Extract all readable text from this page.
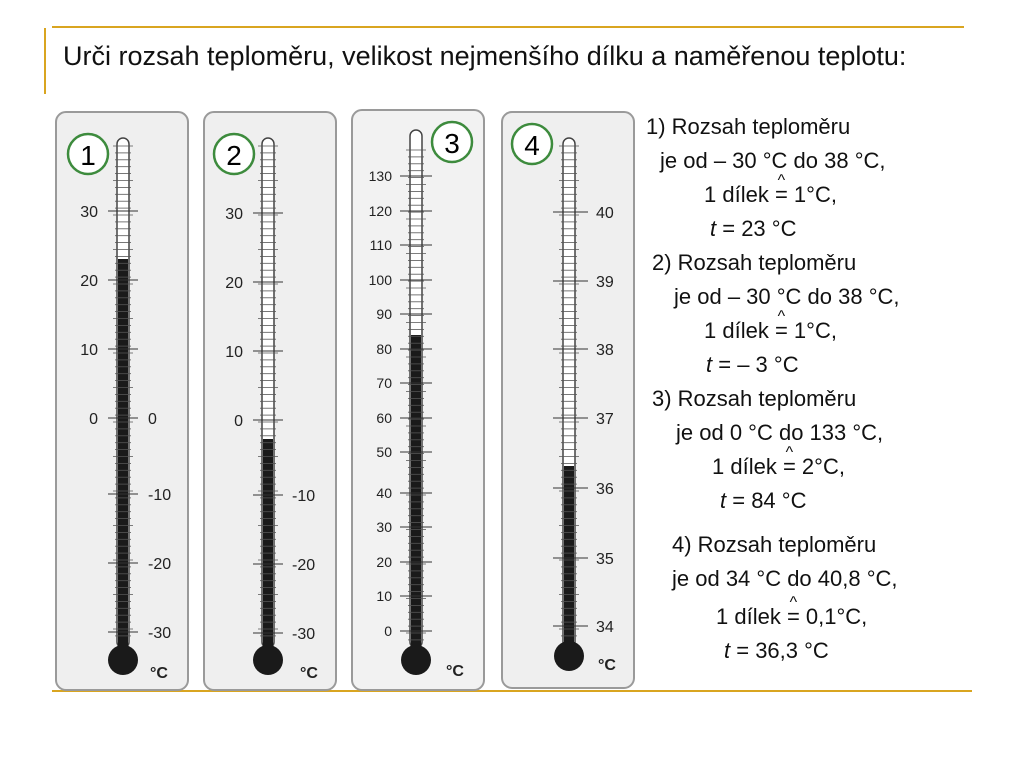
Urči rozsah teploměru, velikost nejmenšího dílku a naměřenou teplotu:
1
30
20
10
0	0
-10
-20
-30
°C
2
30
20
10
0
-10
-20
-30
°C
3
130
120
110
100
90
80
70
60
50
40
30
20
10
0
°C
4
40
39
38
37
36
35
34
°C
1) Rozsah teploměru
je od – 30 °C do 38 °C,
1 dílek ^ = 1°C,
t = 23 °C
2) Rozsah teploměru
je od – 30 °C do 38 °C,
1 dílek ^ = 1°C,
t = – 3 °C
3) Rozsah teploměru
je od 0 °C do 133 °C,
1 dílek ^ = 2°C,
t = 84 °C
4) Rozsah teploměru
je od 34 °C do 40,8 °C,
1 dílek ^ = 0,1°C,
t = 36,3 °C
